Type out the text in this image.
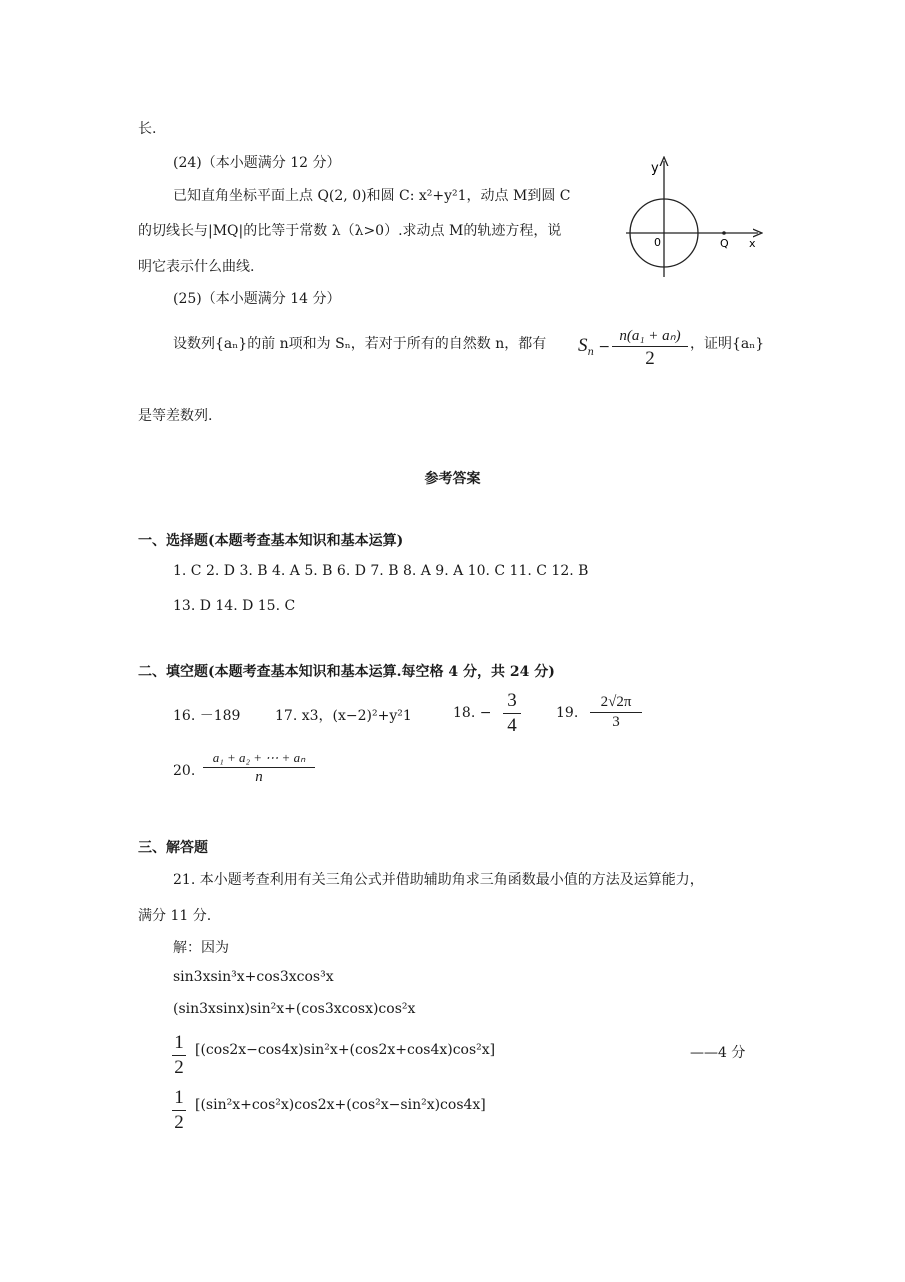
长.
(24)（本小题满分 12 分）
已知直角坐标平面上点 Q(2, 0)和圆 C: x²+y²1，动点 M到圆 C
的切线长与|MQ|的比等于常数 λ（λ>0）.求动点 M的轨迹方程，说
明它表示什么曲线.
y
x
0	Q
(25)（本小题满分 14 分）
设数列{aₙ}的前 n项和为 Sₙ，若对于所有的自然数 n，都有 $S_n$ −
n(a₁ + aₙ)
2
，证明{aₙ}
是等差数列.
参考答案
一、选择题(本题考查基本知识和基本运算)
1. C 2. D 3. B 4. A 5. B 6. D 7. B 8. A 9. A 10. C 11. C 12. B
13. D 14. D 15. C
二、填空题(本题考查基本知识和基本运算.每空格 4 分，共 24 分)
16. －189 17. x3，(x−2)²+y²1	18. −
3
4
19.
2√2π
3
20.
a₁ + a₂ + ⋯ + aₙ
n
三、解答题
21. 本小题考查利用有关三角公式并借助辅助角求三角函数最小值的方法及运算能力，
满分 11 分.
解：因为
sin3xsin³x+cos3xcos³x
(sin3xsinx)sin²x+(cos3xcosx)cos²x
1
2
[(cos2x−cos4x)sin²x+(cos2x+cos4x)cos²x]	——4 分
1
2
[(sin²x+cos²x)cos2x+(cos²x−sin²x)cos4x]
